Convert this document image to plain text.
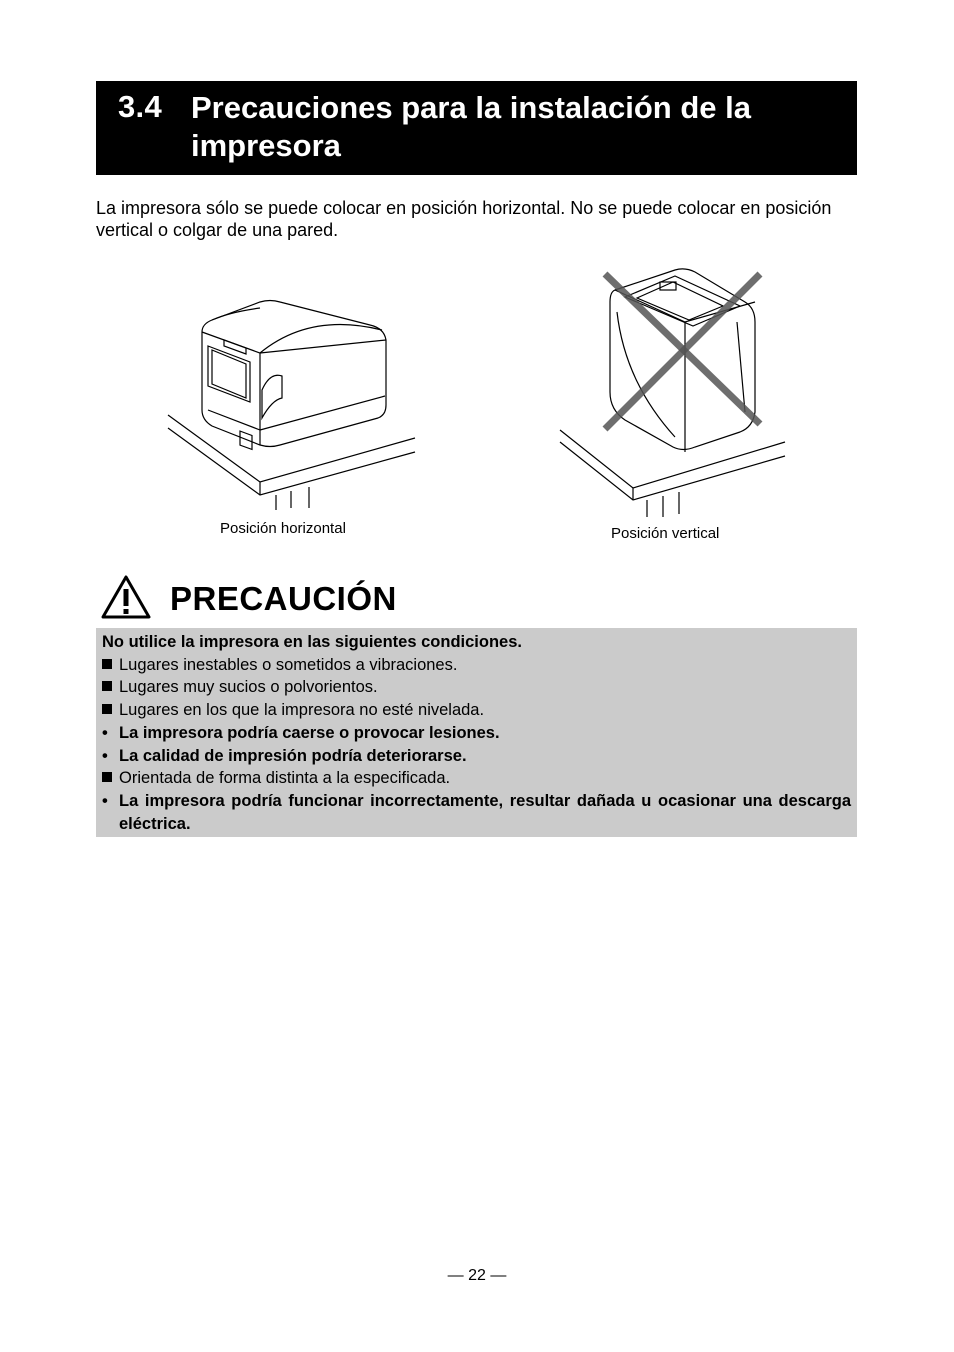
3.4 Precauciones para la instalación de la impresora
La impresora sólo se puede colocar en posición horizontal. No se puede colocar en posición vertical o colgar de una pared.
Posición horizontal	Posición vertical
PRECAUCIÓN
No utilice la impresora en las siguientes condiciones.
Lugares inestables o sometidos a vibraciones.
Lugares muy sucios o polvorientos.
Lugares en los que la impresora no esté nivelada.
• La impresora podría caerse o provocar lesiones.
• La calidad de impresión podría deteriorarse.
Orientada de forma distinta a la especificada.
• La impresora podría funcionar incorrectamente, resultar dañada u ocasionar una descarga eléctrica.
— 22 —
